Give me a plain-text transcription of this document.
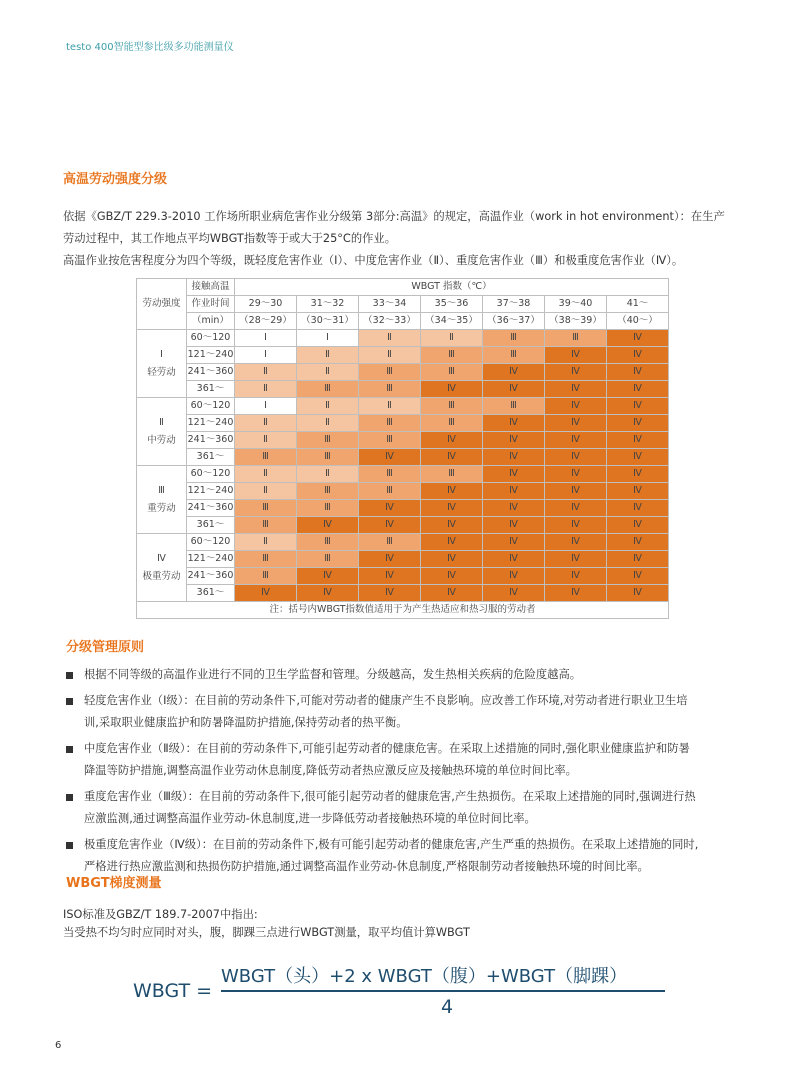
testo 400智能型参比级多功能测量仪
高温劳动强度分级
依据《GBZ/T 229.3-2010 工作场所职业病危害作业分级第 3部分:高温》的规定，高温作业（work in hot environment）：在生产
劳动过程中，其工作地点平均WBGT指数等于或大于25°C的作业。
高温作业按危害程度分为四个等级，既轻度危害作业（Ⅰ）、中度危害作业（Ⅱ）、重度危害作业（Ⅲ）和极重度危害作业（Ⅳ）。
劳动强度	接触高温	WBGT 指数（℃）						
	作业时间	29～30	31～32	33～34	35～36	37～38	39～40	41～
	（min）	（28～29）	（30～31）	（32～33）	（34～35）	（36～37）	（38～39）	（40～）

Ⅰ
轻劳动	60～120	Ⅰ	Ⅰ	Ⅱ	Ⅱ	Ⅲ	Ⅲ	Ⅳ
	121～240	Ⅰ	Ⅱ	Ⅱ	Ⅲ	Ⅲ	Ⅳ	Ⅳ
	241～360	Ⅱ	Ⅱ	Ⅲ	Ⅲ	Ⅳ	Ⅳ	Ⅳ
	361～	Ⅱ	Ⅲ	Ⅲ	Ⅳ	Ⅳ	Ⅳ	Ⅳ

Ⅱ
中劳动	60～120	Ⅰ	Ⅱ	Ⅱ	Ⅲ	Ⅲ	Ⅳ	Ⅳ
	121～240	Ⅱ	Ⅱ	Ⅲ	Ⅲ	Ⅳ	Ⅳ	Ⅳ
	241～360	Ⅱ	Ⅲ	Ⅲ	Ⅳ	Ⅳ	Ⅳ	Ⅳ
	361～	Ⅲ	Ⅲ	Ⅳ	Ⅳ	Ⅳ	Ⅳ	Ⅳ

Ⅲ
重劳动	60～120	Ⅱ	Ⅱ	Ⅲ	Ⅲ	Ⅳ	Ⅳ	Ⅳ
	121～240	Ⅱ	Ⅲ	Ⅲ	Ⅳ	Ⅳ	Ⅳ	Ⅳ
	241～360	Ⅲ	Ⅲ	Ⅳ	Ⅳ	Ⅳ	Ⅳ	Ⅳ
	361～	Ⅲ	Ⅳ	Ⅳ	Ⅳ	Ⅳ	Ⅳ	Ⅳ

Ⅳ
极重劳动	60～120	Ⅱ	Ⅲ	Ⅲ	Ⅳ	Ⅳ	Ⅳ	Ⅳ
	121～240	Ⅲ	Ⅲ	Ⅳ	Ⅳ	Ⅳ	Ⅳ	Ⅳ
	241～360	Ⅲ	Ⅳ	Ⅳ	Ⅳ	Ⅳ	Ⅳ	Ⅳ
	361～	Ⅳ	Ⅳ	Ⅳ	Ⅳ	Ⅳ	Ⅳ	Ⅳ
注：括号内WBGT指数值适用于为产生热适应和热习服的劳动者								
分级管理原则
根据不同等级的高温作业进行不同的卫生学监督和管理。分级越高，发生热相关疾病的危险度越高。
轻度危害作业（Ⅰ级）：在目前的劳动条件下,可能对劳动者的健康产生不良影响。应改善工作环境,对劳动者进行职业卫生培
训,采取职业健康监护和防暑降温防护措施,保持劳动者的热平衡。
中度危害作业（Ⅱ级）：在目前的劳动条件下,可能引起劳动者的健康危害。在采取上述措施的同时,强化职业健康监护和防暑
降温等防护措施,调整高温作业劳动休息制度,降低劳动者热应激反应及接触热环境的单位时间比率。
重度危害作业（Ⅲ级）：在目前的劳动条件下,很可能引起劳动者的健康危害,产生热损伤。在采取上述措施的同时,强调进行热
应激监测,通过调整高温作业劳动-休息制度,进一步降低劳动者接触热环境的单位时间比率。
极重度危害作业（Ⅳ级）：在目前的劳动条件下,极有可能引起劳动者的健康危害,产生严重的热损伤。在采取上述措施的同时,
严格进行热应激监测和热损伤防护措施,通过调整高温作业劳动-休息制度,严格限制劳动者接触热环境的时间比率。
WBGT梯度测量
ISO标准及GBZ/T 189.7-2007中指出:
当受热不均匀时应同时对头，腹，脚踝三点进行WBGT测量，取平均值计算WBGT
WBGT =
WBGT（头）+2 x WBGT（腹）+WBGT（脚踝）
4
6
